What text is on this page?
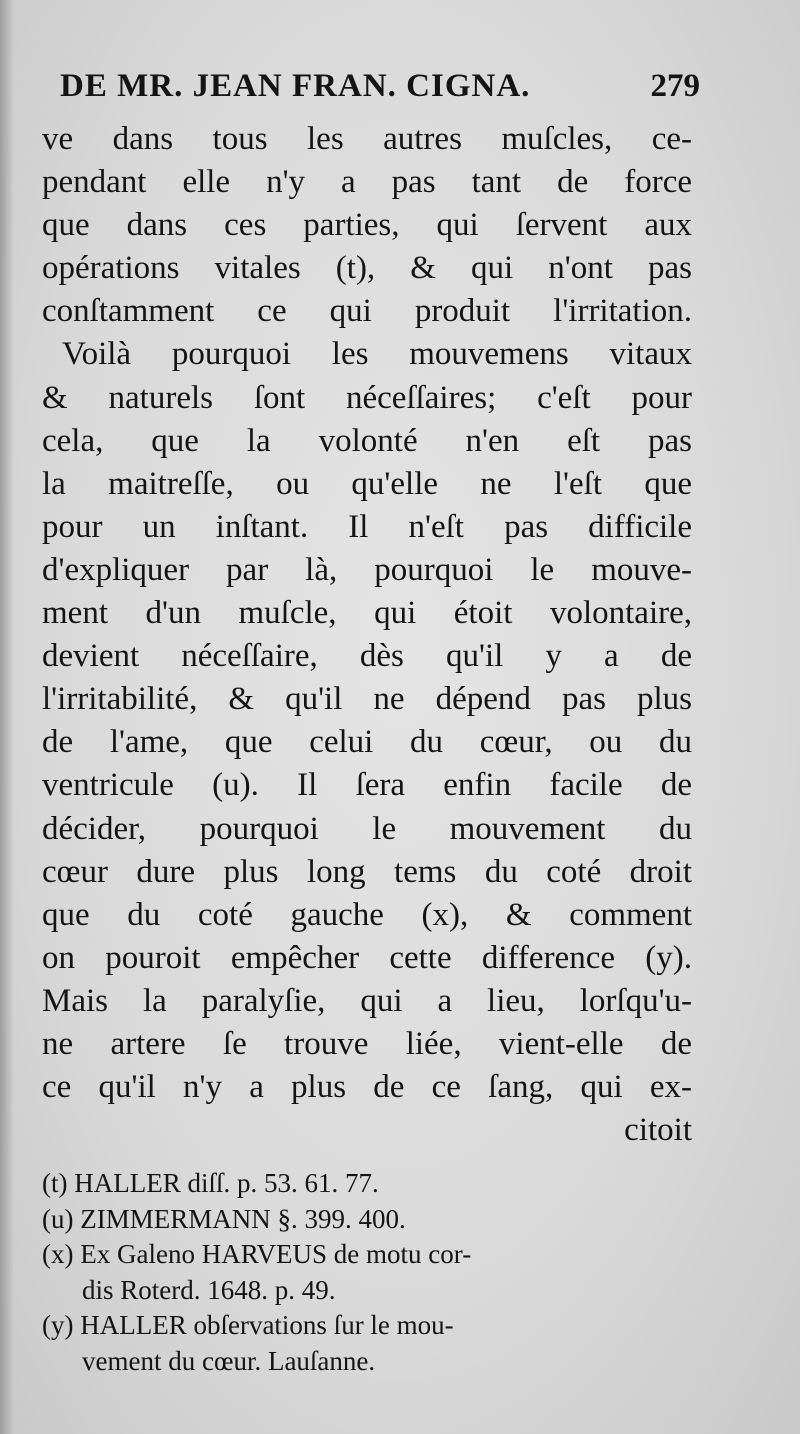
DE MR. JEAN FRAN. CIGNA.	279
ve dans tous les autres muſcles, ce-
pendant elle n'y a pas tant de force
que dans ces parties, qui ſervent aux
opérations vitales (t), & qui n'ont pas
conſtamment ce qui produit l'irritation.
Voilà pourquoi les mouvemens vitaux
& naturels ſont néceſſaires; c'eſt pour
cela, que la volonté n'en eſt pas
la maitreſſe, ou qu'elle ne l'eſt que
pour un inſtant. Il n'eſt pas difficile
d'expliquer par là, pourquoi le mouve-
ment d'un muſcle, qui étoit volontaire,
devient néceſſaire, dès qu'il y a de
l'irritabilité, & qu'il ne dépend pas plus
de l'ame, que celui du cœur, ou du
ventricule (u). Il ſera enfin facile de
décider, pourquoi le mouvement du
cœur dure plus long tems du coté droit
que du coté gauche (x), & comment
on pouroit empêcher cette difference (y).
Mais la paralyſie, qui a lieu, lorſqu'u-
ne artere ſe trouve liée, vient-elle de
ce qu'il n'y a plus de ce ſang, qui ex-
citoit
(t) HALLER diſſ. p. 53. 61. 77.
(u) ZIMMERMANN §. 399. 400.
(x) Ex Galeno HARVEUS de motu cor-
dis Roterd. 1648. p. 49.
(y) HALLER obſervations ſur le mou-
vement du cœur. Lauſanne.
